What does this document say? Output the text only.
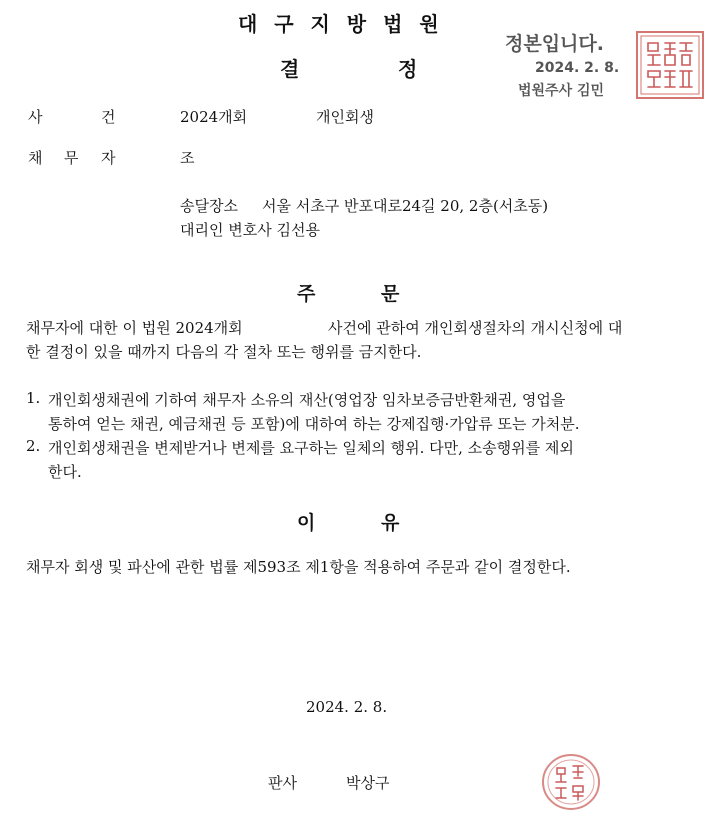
대 구 지 방 법 원
결	정
정본입니다.
2024. 2. 8.
법원주사 김민
사	건	2024개회	개인회생
채 무 자	조
송달장소 서울 서초구 반포대로24길 20, 2층(서초동)
대리인 변호사 김선용
주	문
채무자에 대한 이 법원 2024개회	사건에 관하여 개인회생절차의 개시신청에 대
한 결정이 있을 때까지 다음의 각 절차 또는 행위를 금지한다.
1. 개인회생채권에 기하여 채무자 소유의 재산(영업장 임차보증금반환채권, 영업을
통하여 얻는 채권, 예금채권 등 포함)에 대하여 하는 강제집행·가압류 또는 가처분.
2. 개인회생채권을 변제받거나 변제를 요구하는 일체의 행위. 다만, 소송행위를 제외
한다.
이	유
채무자 회생 및 파산에 관한 법률 제593조 제1항을 적용하여 주문과 같이 결정한다.
2024. 2. 8.
판사	박상구
